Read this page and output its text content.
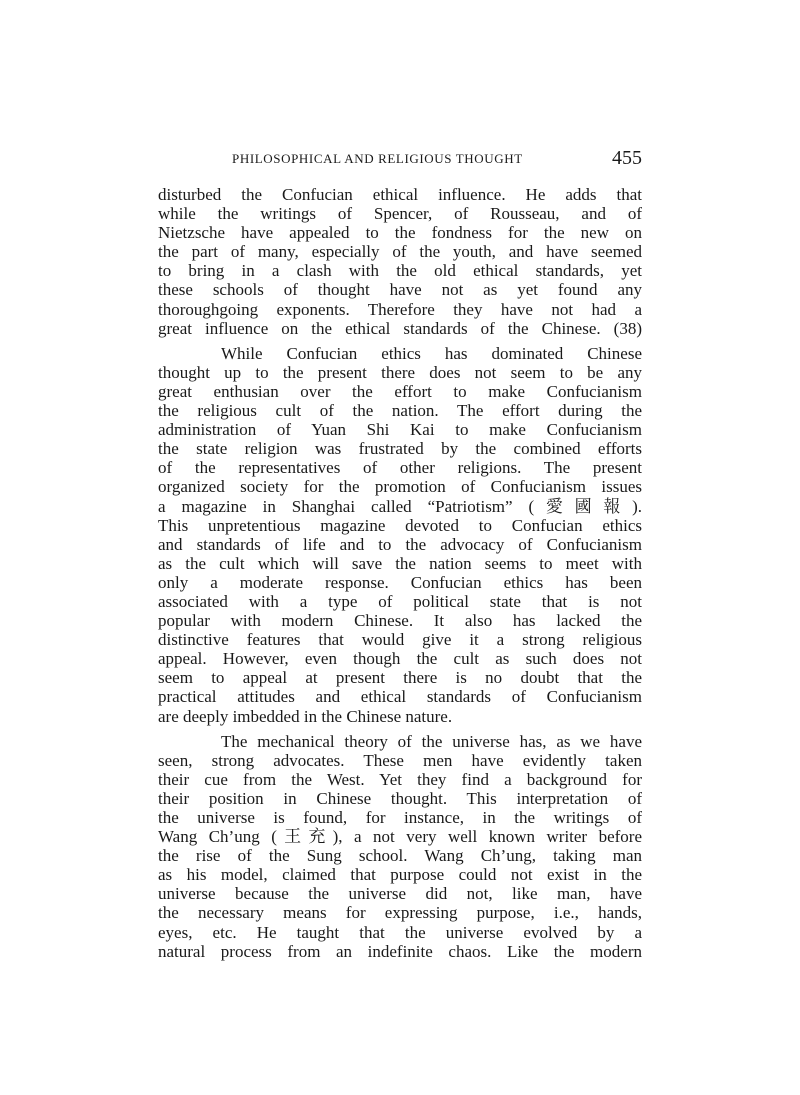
PHILOSOPHICAL AND RELIGIOUS THOUGHT	455
disturbed the Confucian ethical influence. He adds that
while the writings of Spencer, of Rousseau, and of
Nietzsche have appealed to the fondness for the new on
the part of many, especially of the youth, and have seemed
to bring in a clash with the old ethical standards, yet
these schools of thought have not as yet found any
thoroughgoing exponents. Therefore they have not had a
great influence on the ethical standards of the Chinese. (38)
While Confucian ethics has dominated Chinese
thought up to the present there does not seem to be any
great enthusian over the effort to make Confucianism
the religious cult of the nation. The effort during the
administration of Yuan Shi Kai to make Confucianism
the state religion was frustrated by the combined efforts
of the representatives of other religions. The present
organized society for the promotion of Confucianism issues
a magazine in Shanghai called “Patriotism” (愛國報).
This unpretentious magazine devoted to Confucian ethics
and standards of life and to the advocacy of Confucianism
as the cult which will save the nation seems to meet with
only a moderate response. Confucian ethics has been
associated with a type of political state that is not
popular with modern Chinese. It also has lacked the
distinctive features that would give it a strong religious
appeal. However, even though the cult as such does not
seem to appeal at present there is no doubt that the
practical attitudes and ethical standards of Confucianism
are deeply imbedded in the Chinese nature.
The mechanical theory of the universe has, as we have
seen, strong advocates. These men have evidently taken
their cue from the West. Yet they find a background for
their position in Chinese thought. This interpretation of
the universe is found, for instance, in the writings of
Wang Ch’ung (王充), a not very well known writer before
the rise of the Sung school. Wang Ch’ung, taking man
as his model, claimed that purpose could not exist in the
universe because the universe did not, like man, have
the necessary means for expressing purpose, i.e., hands,
eyes, etc. He taught that the universe evolved by a
natural process from an indefinite chaos. Like the modern
